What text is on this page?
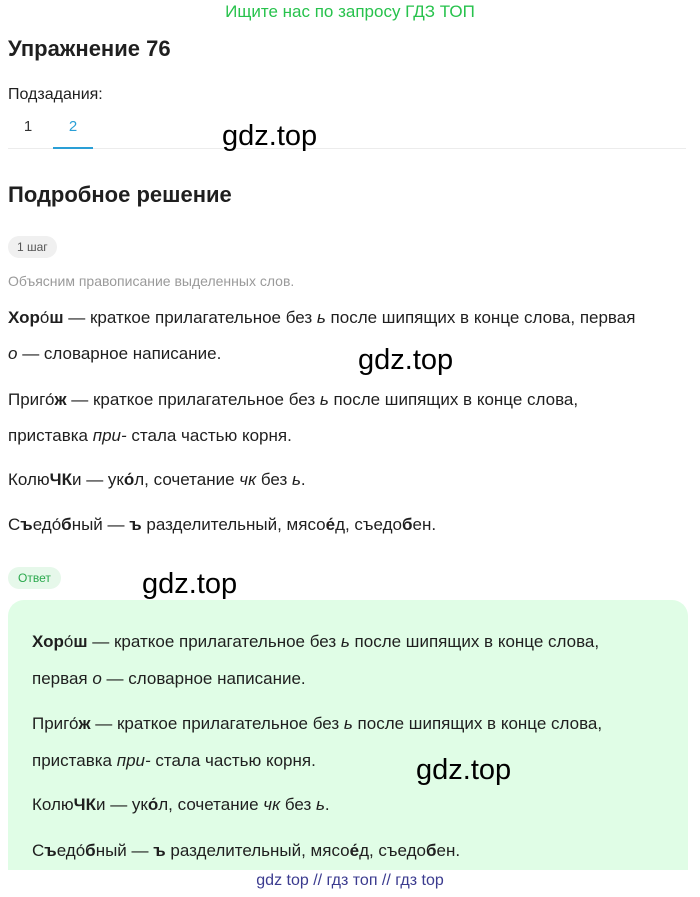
Ищите нас по запросу ГДЗ ТОП
Упражнение 76
Подзадания:
1	2	gdz.top
Подробное решение
1 шаг
Объясним правописание выделенных слов.
Хоро́ш — краткое прилагательное без ь после шипящих в конце слова, первая
о — словарное написание.	gdz.top
Приго́ж — краткое прилагательное без ь после шипящих в конце слова,
приставка при- стала частью корня.
КолюЧКи — уко́л, сочетание чк без ь.
Съедо́бный — ъ разделительный, мясое́д, съедобен.
Ответ	gdz.top
Хоро́ш — краткое прилагательное без ь после шипящих в конце слова,
первая о — словарное написание.
Приго́ж — краткое прилагательное без ь после шипящих в конце слова,
приставка при- стала частью корня.
КолюЧКи — уко́л, сочетание чк без ь.
Съедо́бный — ъ разделительный, мясое́д, съедобен.
gdz.top
gdz top // гдз топ // гдз top
